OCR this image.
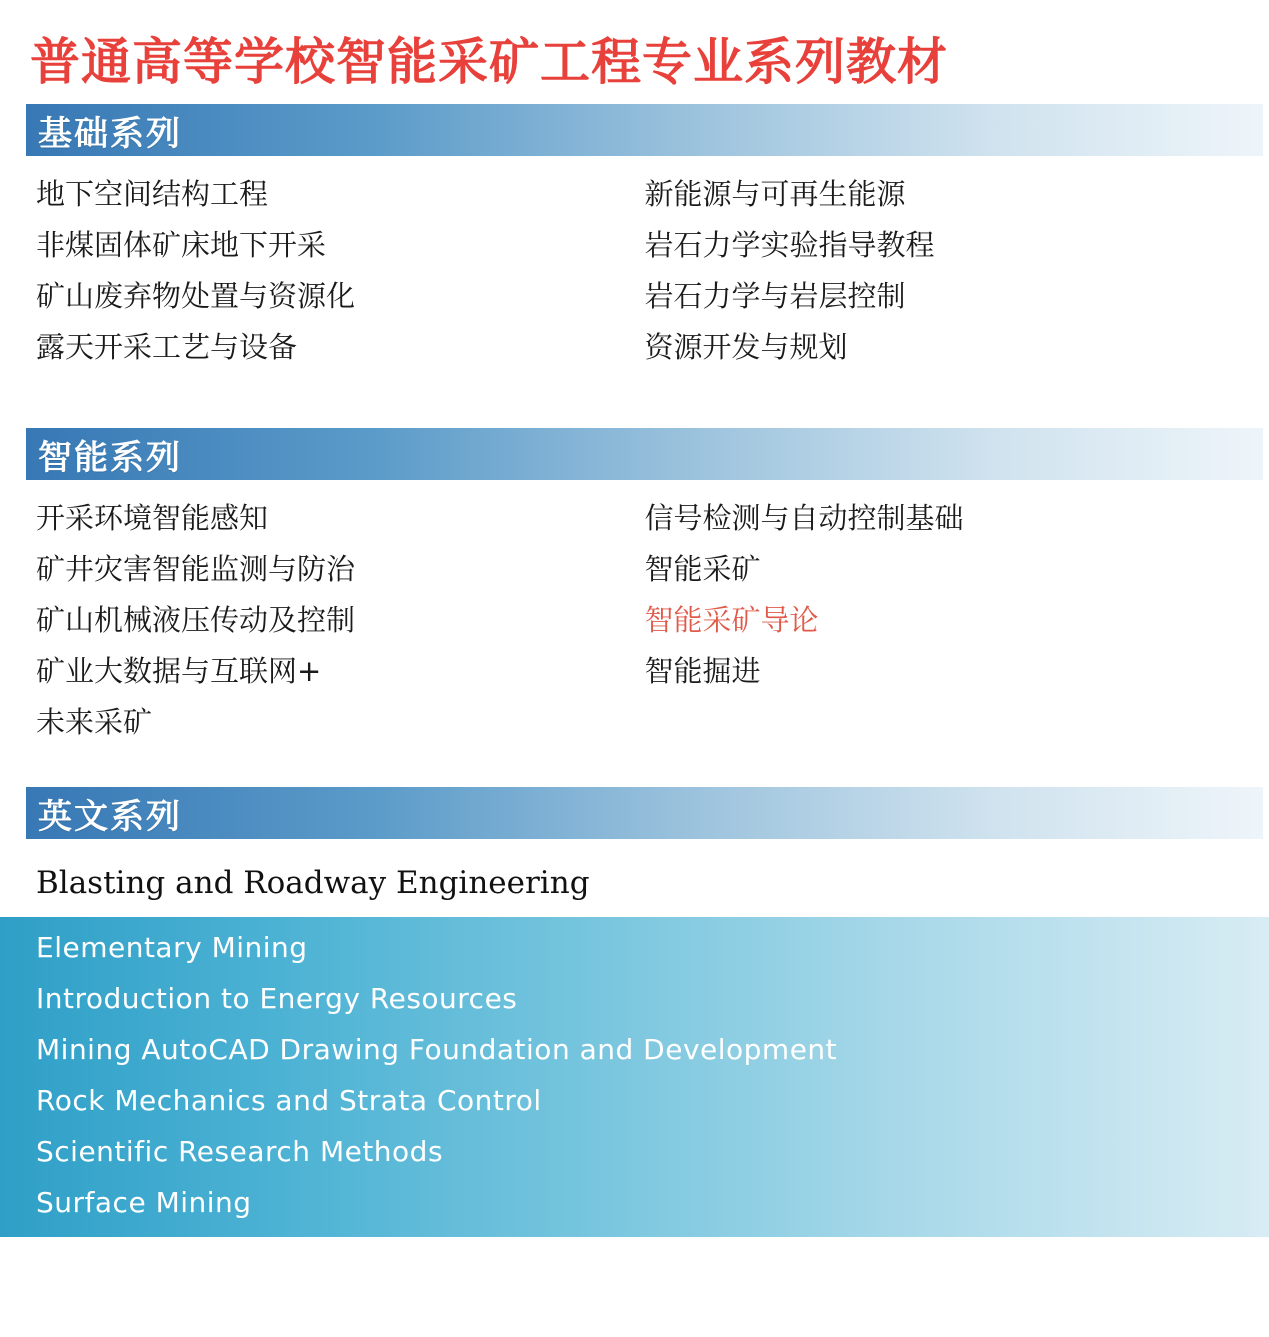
普通高等学校智能采矿工程专业系列教材
基础系列
地下空间结构工程
非煤固体矿床地下开采
矿山废弃物处置与资源化
露天开采工艺与设备
新能源与可再生能源
岩石力学实验指导教程
岩石力学与岩层控制
资源开发与规划
智能系列
开采环境智能感知
矿井灾害智能监测与防治
矿山机械液压传动及控制
矿业大数据与互联网+
未来采矿
信号检测与自动控制基础
智能采矿
智能采矿导论
智能掘进
英文系列
Blasting and Roadway Engineering
Elementary Mining
Introduction to Energy Resources
Mining AutoCAD Drawing Foundation and Development
Rock Mechanics and Strata Control
Scientific Research Methods
Surface Mining
